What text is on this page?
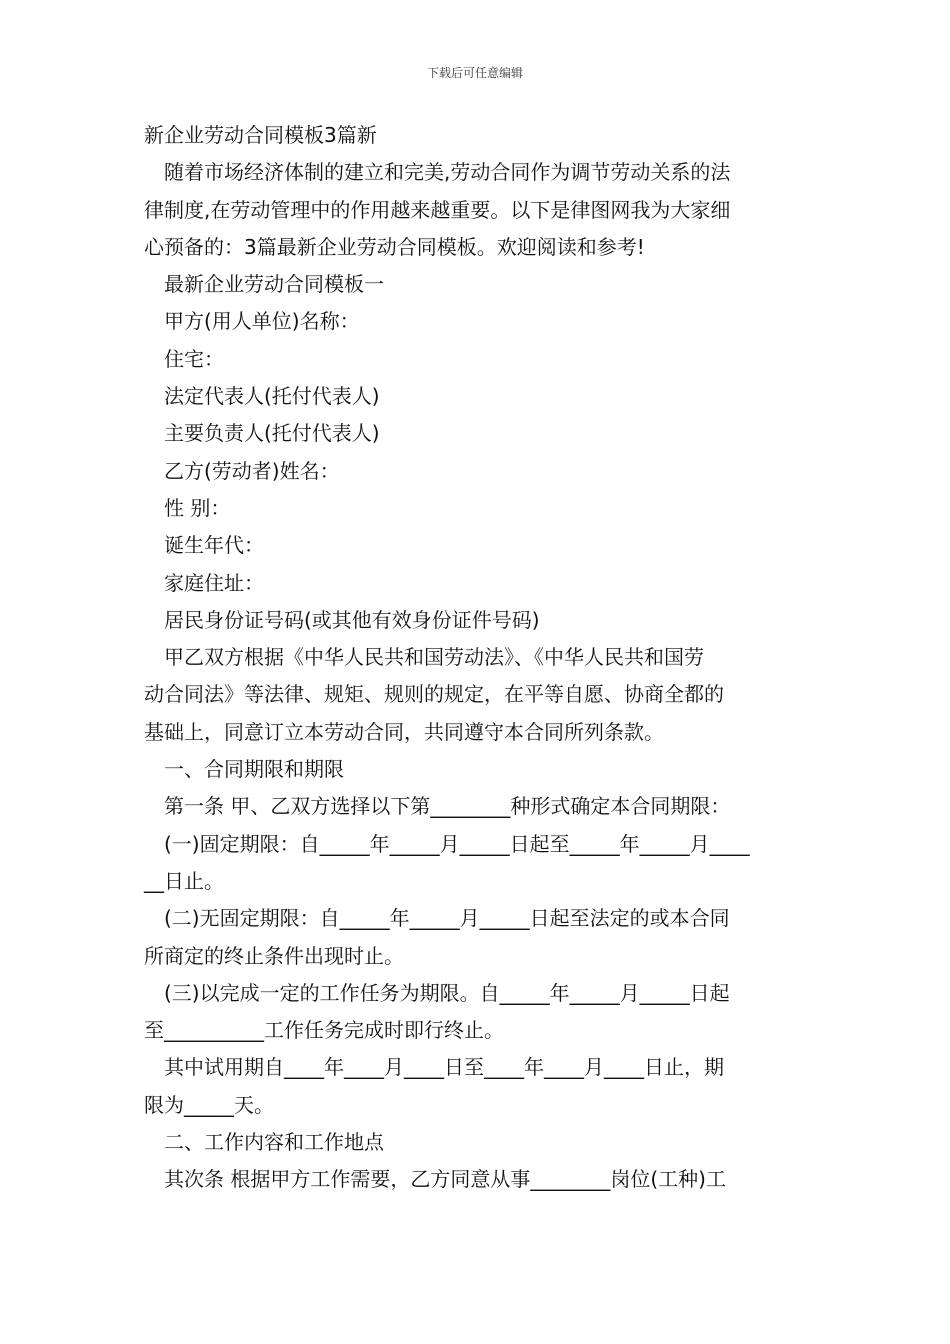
下载后可任意编辑
新企业劳动合同模板3篇新
随着市场经济体制的建立和完美,劳动合同作为调节劳动关系的法
律制度,在劳动管理中的作用越来越重要。以下是律图网我为大家细
心预备的：3篇最新企业劳动合同模板。欢迎阅读和参考!
最新企业劳动合同模板一
甲方(用人单位)名称：
住宅：
法定代表人(托付代表人)
主要负责人(托付代表人)
乙方(劳动者)姓名：
性 别：
诞生年代：
家庭住址：
居民身份证号码(或其他有效身份证件号码)
甲乙双方根据《中华人民共和国劳动法》、《中华人民共和国劳
动合同法》等法律、规矩、规则的规定，在平等自愿、协商全都的
基础上，同意订立本劳动合同，共同遵守本合同所列条款。
一、合同期限和期限
第一条 甲、乙双方选择以下第________种形式确定本合同期限：
(一)固定期限：自_____年_____月_____日起至_____年_____月____
__日止。
(二)无固定期限：自_____年_____月_____日起至法定的或本合同
所商定的终止条件出现时止。
(三)以完成一定的工作任务为期限。自_____年_____月_____日起
至__________工作任务完成时即行终止。
其中试用期自____年____月____日至____年____月____日止，期
限为_____天。
二、工作内容和工作地点
其次条 根据甲方工作需要，乙方同意从事________岗位(工种)工
